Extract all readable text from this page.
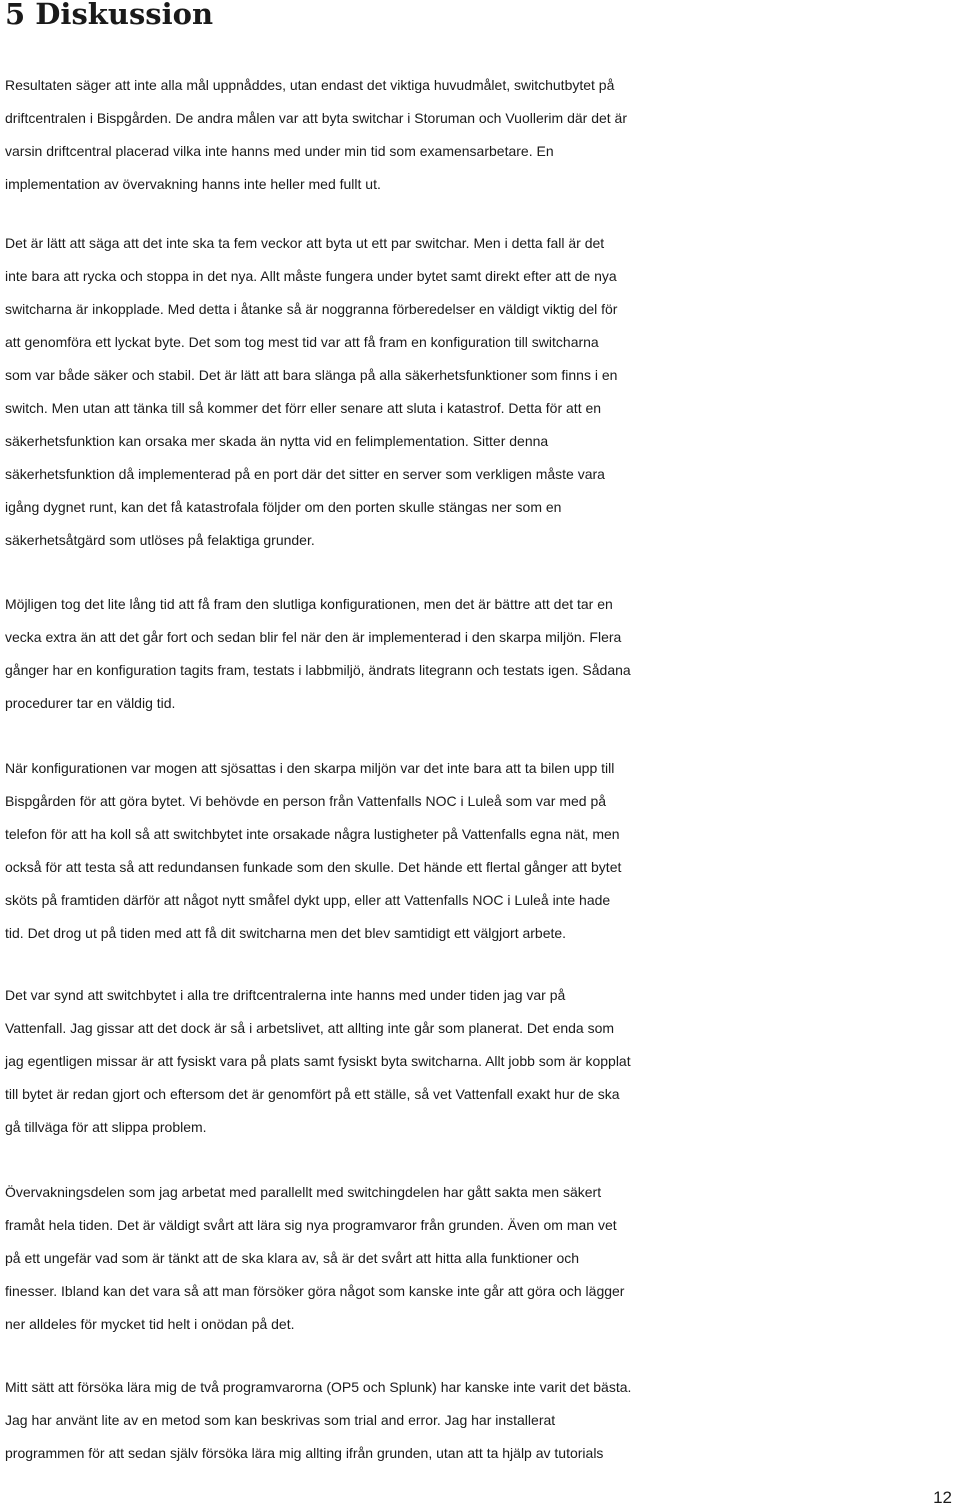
5 Diskussion
Resultaten säger att inte alla mål uppnåddes, utan endast det viktiga huvudmålet, switchutbytet på
driftcentralen i Bispgården. De andra målen var att byta switchar i Storuman och Vuollerim där det är
varsin driftcentral placerad vilka inte hanns med under min tid som examensarbetare. En
implementation av övervakning hanns inte heller med fullt ut.
Det är lätt att säga att det inte ska ta fem veckor att byta ut ett par switchar. Men i detta fall är det
inte bara att rycka och stoppa in det nya. Allt måste fungera under bytet samt direkt efter att de nya
switcharna är inkopplade. Med detta i åtanke så är noggranna förberedelser en väldigt viktig del för
att genomföra ett lyckat byte. Det som tog mest tid var att få fram en konfiguration till switcharna
som var både säker och stabil. Det är lätt att bara slänga på alla säkerhetsfunktioner som finns i en
switch. Men utan att tänka till så kommer det förr eller senare att sluta i katastrof. Detta för att en
säkerhetsfunktion kan orsaka mer skada än nytta vid en felimplementation. Sitter denna
säkerhetsfunktion då implementerad på en port där det sitter en server som verkligen måste vara
igång dygnet runt, kan det få katastrofala följder om den porten skulle stängas ner som en
säkerhetsåtgärd som utlöses på felaktiga grunder.
Möjligen tog det lite lång tid att få fram den slutliga konfigurationen, men det är bättre att det tar en
vecka extra än att det går fort och sedan blir fel när den är implementerad i den skarpa miljön. Flera
gånger har en konfiguration tagits fram, testats i labbmiljö, ändrats litegrann och testats igen. Sådana
procedurer tar en väldig tid.
När konfigurationen var mogen att sjösattas i den skarpa miljön var det inte bara att ta bilen upp till
Bispgården för att göra bytet. Vi behövde en person från Vattenfalls NOC i Luleå som var med på
telefon för att ha koll så att switchbytet inte orsakade några lustigheter på Vattenfalls egna nät, men
också för att testa så att redundansen funkade som den skulle. Det hände ett flertal gånger att bytet
sköts på framtiden därför att något nytt småfel dykt upp, eller att Vattenfalls NOC i Luleå inte hade
tid. Det drog ut på tiden med att få dit switcharna men det blev samtidigt ett välgjort arbete.
Det var synd att switchbytet i alla tre driftcentralerna inte hanns med under tiden jag var på
Vattenfall. Jag gissar att det dock är så i arbetslivet, att allting inte går som planerat. Det enda som
jag egentligen missar är att fysiskt vara på plats samt fysiskt byta switcharna. Allt jobb som är kopplat
till bytet är redan gjort och eftersom det är genomfört på ett ställe, så vet Vattenfall exakt hur de ska
gå tillväga för att slippa problem.
Övervakningsdelen som jag arbetat med parallellt med switchingdelen har gått sakta men säkert
framåt hela tiden. Det är väldigt svårt att lära sig nya programvaror från grunden. Även om man vet
på ett ungefär vad som är tänkt att de ska klara av, så är det svårt att hitta alla funktioner och
finesser. Ibland kan det vara så att man försöker göra något som kanske inte går att göra och lägger
ner alldeles för mycket tid helt i onödan på det.
Mitt sätt att försöka lära mig de två programvarorna (OP5 och Splunk) har kanske inte varit det bästa.
Jag har använt lite av en metod som kan beskrivas som trial and error. Jag har installerat
programmen för att sedan själv försöka lära mig allting ifrån grunden, utan att ta hjälp av tutorials
12
